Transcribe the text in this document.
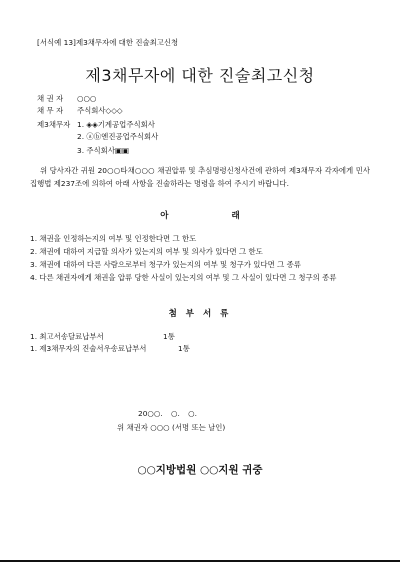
[서식예 13]제3채무자에 대한 진술최고신청
제3채무자에 대한 진술최고신청
채 권 자 ○○○
채 무 자 주식회사◇◇◇
제3채무자 1. ◈◈기계공업주식회사
2. ⓐⓑ엔진공업주식회사
위 당사자간 귀원 20○○타채○○○ 채권압류 및 추심명령신청사건에 관하여 제3채무자 각자에게 민사집행법 제237조에 의하여 아래 사항을 진술하라는 명령을 하여 주시기 바랍니다.
아 래
1. 채권을 인정하는지의 여부 및 인정한다면 그 한도
2. 채권에 대하여 지급할 의사가 있는지의 여부 및 의사가 있다면 그 한도
3. 채권에 대하여 다른 사람으로부터 청구가 있는지의 여부 및 청구가 있다면 그 종류
4. 다른 채권자에게 채권을 압류 당한 사실이 있는지의 여부 및 그 사실이 있다면 그 청구의 종류
첨 부 서 류
1. 최고서송달료납부서	1통
1. 제3채무자의 진술서우송료납부서	1통
20○○. ○. ○.
위 채권자 ○○○ (서명 또는 날인)
○○지방법원 ○○지원 귀중
3. 주식회사▣▣
